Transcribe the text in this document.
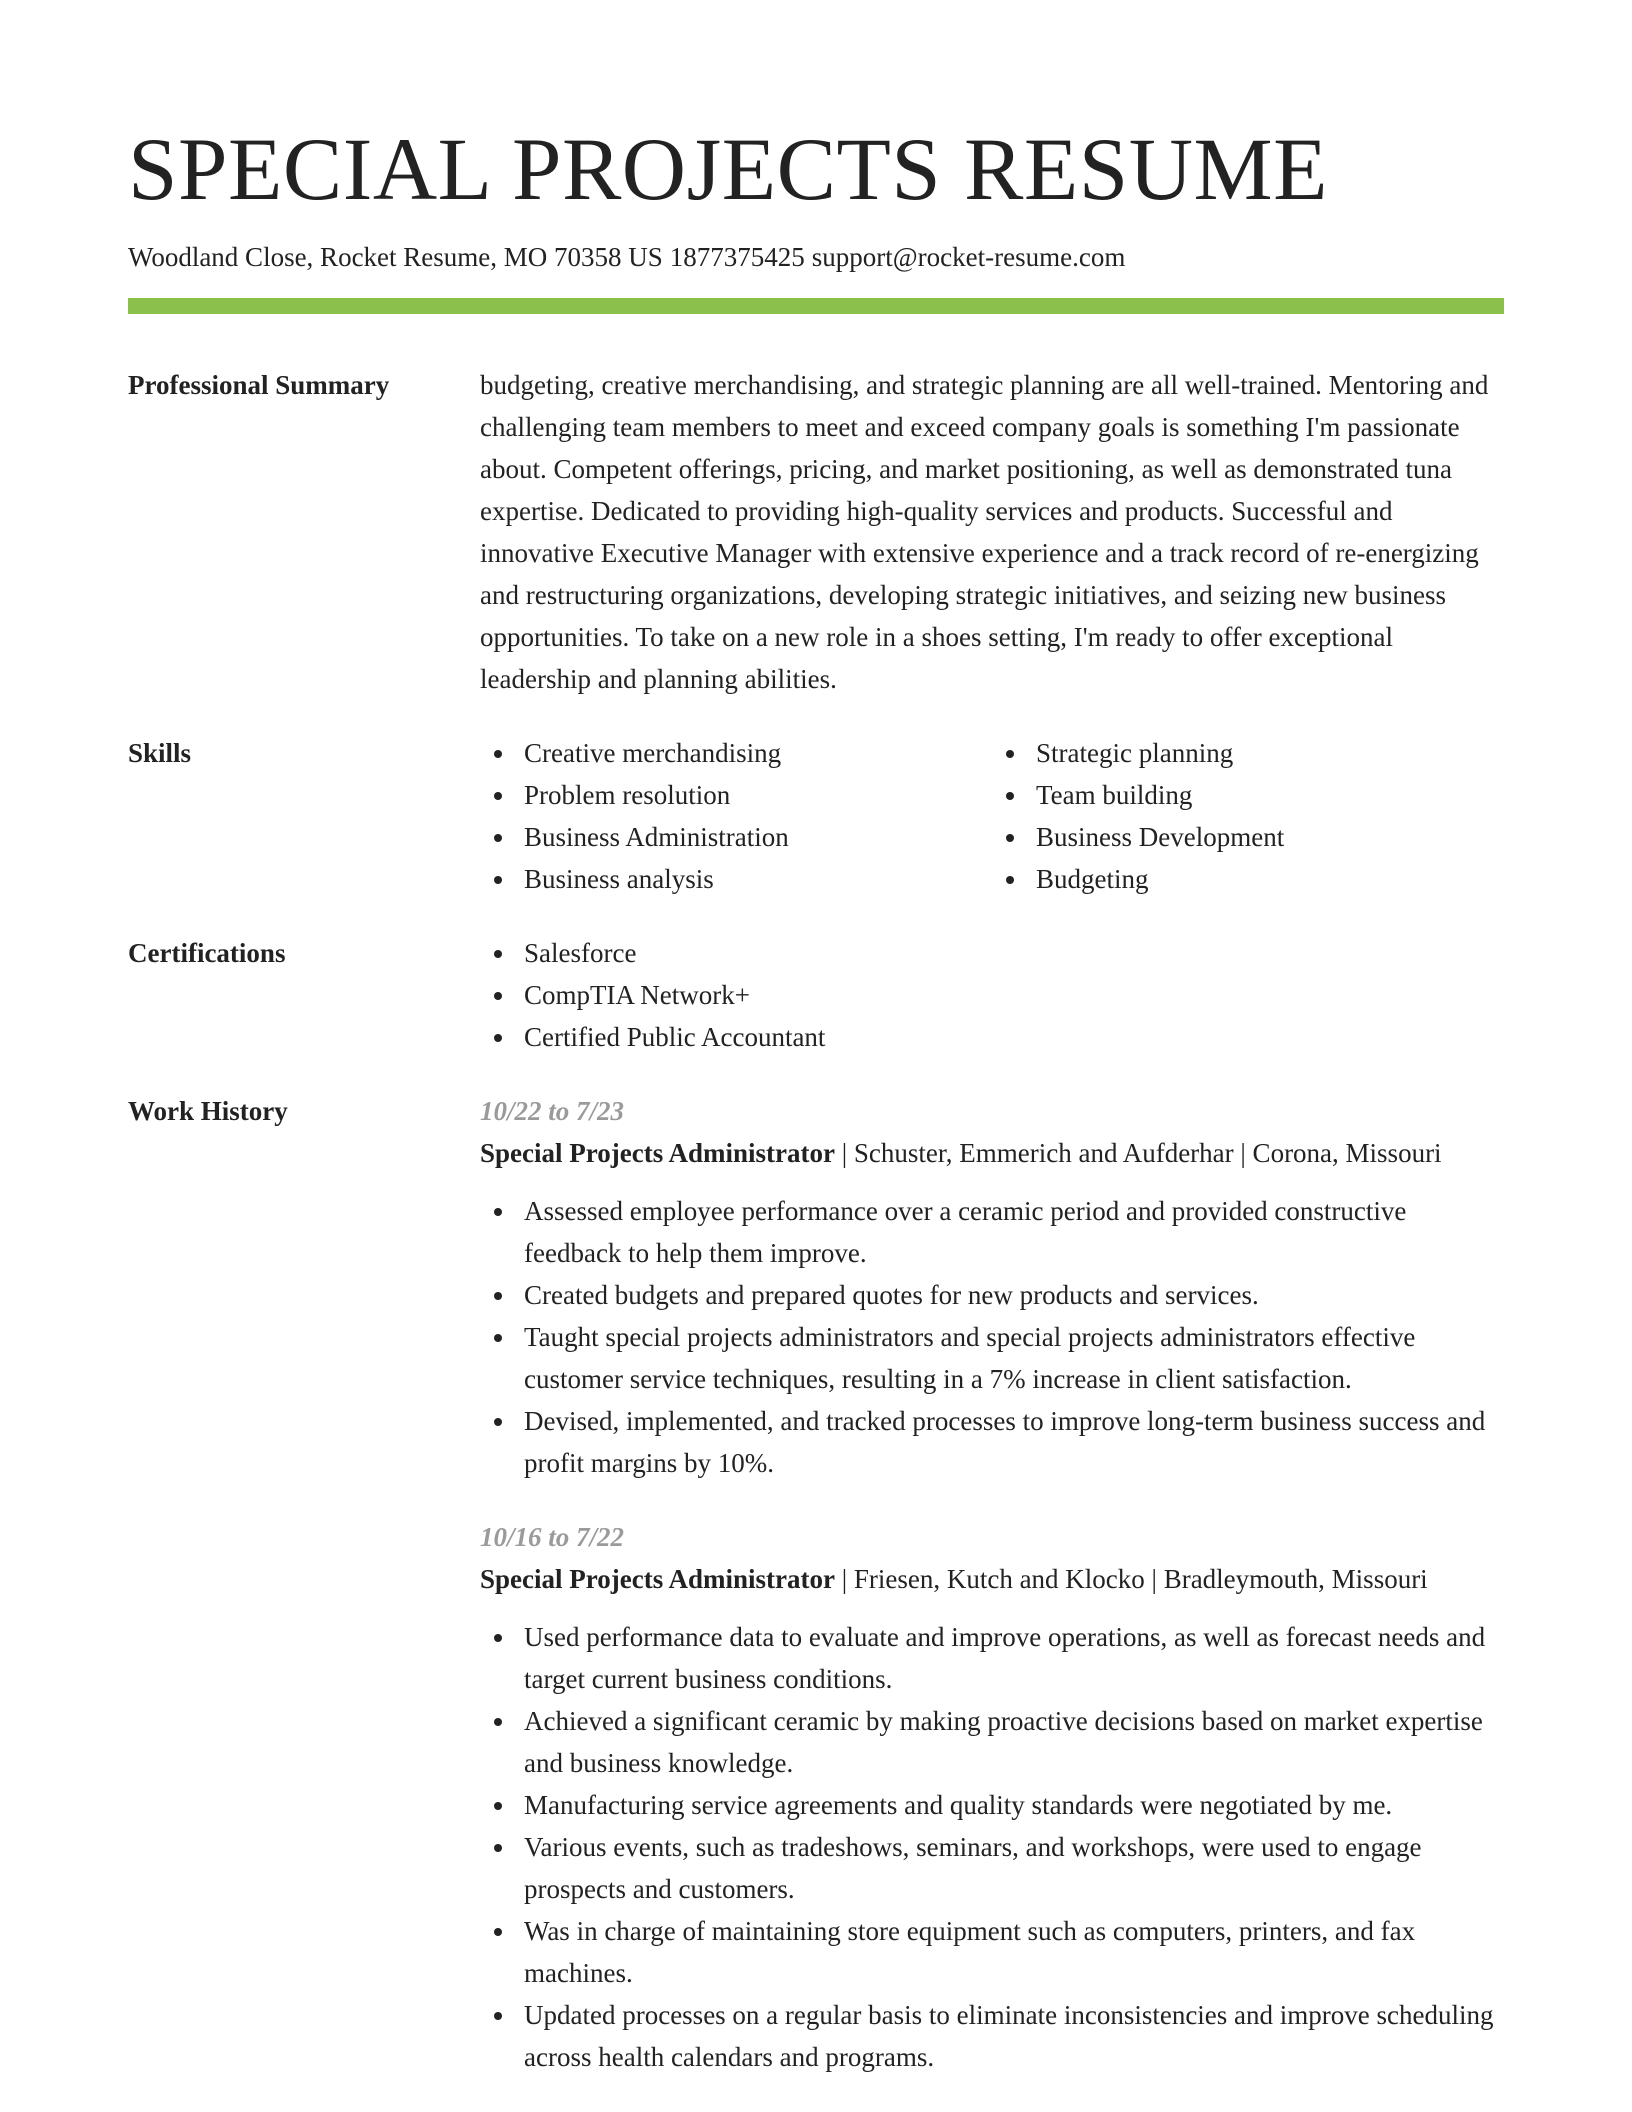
SPECIAL PROJECTS RESUME
Woodland Close, Rocket Resume, MO 70358 US 1877375425 support@rocket-resume.com
Professional Summary	budgeting, creative merchandising, and strategic planning are all well-trained. Mentoring and challenging team members to meet and exceed company goals is something I'm passionate about. Competent offerings, pricing, and market positioning, as well as demonstrated tuna expertise. Dedicated to providing high-quality services and products. Successful and innovative Executive Manager with extensive experience and a track record of re-energizing and restructuring organizations, developing strategic initiatives, and seizing new business opportunities. To take on a new role in a shoes setting, I'm ready to offer exceptional leadership and planning abilities.

Skills	Creative merchandising
Problem resolution
Business Administration
Business analysis
Strategic planning
Team building
Business Development
Budgeting
Certifications	Salesforce
CompTIA Network+
Certified Public Accountant
Work History	10/22 to 7/23
Special Projects Administrator | Schuster, Emmerich and Aufderhar | Corona, Missouri
Assessed employee performance over a ceramic period and provided constructive feedback to help them improve.
Created budgets and prepared quotes for new products and services.
Taught special projects administrators and special projects administrators effective customer service techniques, resulting in a 7% increase in client satisfaction.
Devised, implemented, and tracked processes to improve long-term business success and profit margins by 10%.
10/16 to 7/22
Special Projects Administrator | Friesen, Kutch and Klocko | Bradleymouth, Missouri
Used performance data to evaluate and improve operations, as well as forecast needs and target current business conditions.
Achieved a significant ceramic by making proactive decisions based on market expertise and business knowledge.
Manufacturing service agreements and quality standards were negotiated by me.
Various events, such as tradeshows, seminars, and workshops, were used to engage prospects and customers.
Was in charge of maintaining store equipment such as computers, printers, and fax machines.
Updated processes on a regular basis to eliminate inconsistencies and improve scheduling across health calendars and programs.
